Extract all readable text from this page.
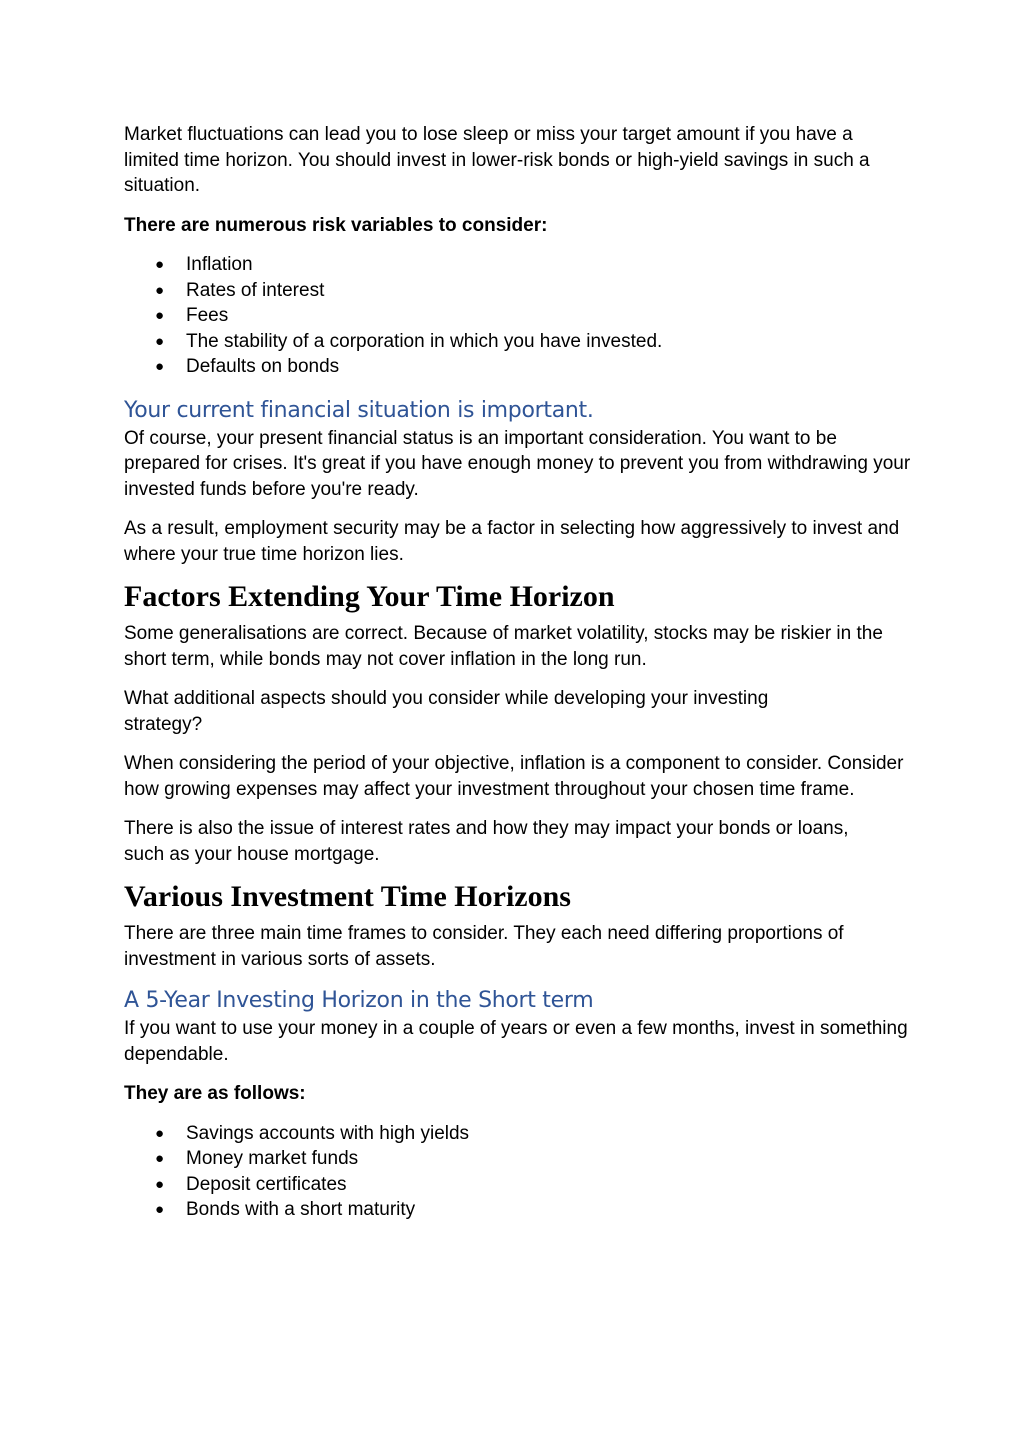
Market fluctuations can lead you to lose sleep or miss your target amount if you have a limited time horizon. You should invest in lower-risk bonds or high-yield savings in such a situation.

There are numerous risk variables to consider:

● Inflation
● Rates of interest
● Fees
● The stability of a corporation in which you have invested.
● Defaults on bonds
Your current financial situation is important.

Of course, your present financial status is an important consideration. You want to be prepared for crises. It's great if you have enough money to prevent you from withdrawing your invested funds before you're ready.

As a result, employment security may be a factor in selecting how aggressively to invest and where your true time horizon lies.

Factors Extending Your Time Horizon

Some generalisations are correct. Because of market volatility, stocks may be riskier in the short term, while bonds may not cover inflation in the long run.

What additional aspects should you consider while developing your investing strategy?

When considering the period of your objective, inflation is a component to consider. Consider how growing expenses may affect your investment throughout your chosen time frame.

There is also the issue of interest rates and how they may impact your bonds or loans, such as your house mortgage.

Various Investment Time Horizons

There are three main time frames to consider. They each need differing proportions of investment in various sorts of assets.

A 5-Year Investing Horizon in the Short term

If you want to use your money in a couple of years or even a few months, invest in something dependable.

They are as follows:

● Savings accounts with high yields
● Money market funds
● Deposit certificates
● Bonds with a short maturity
